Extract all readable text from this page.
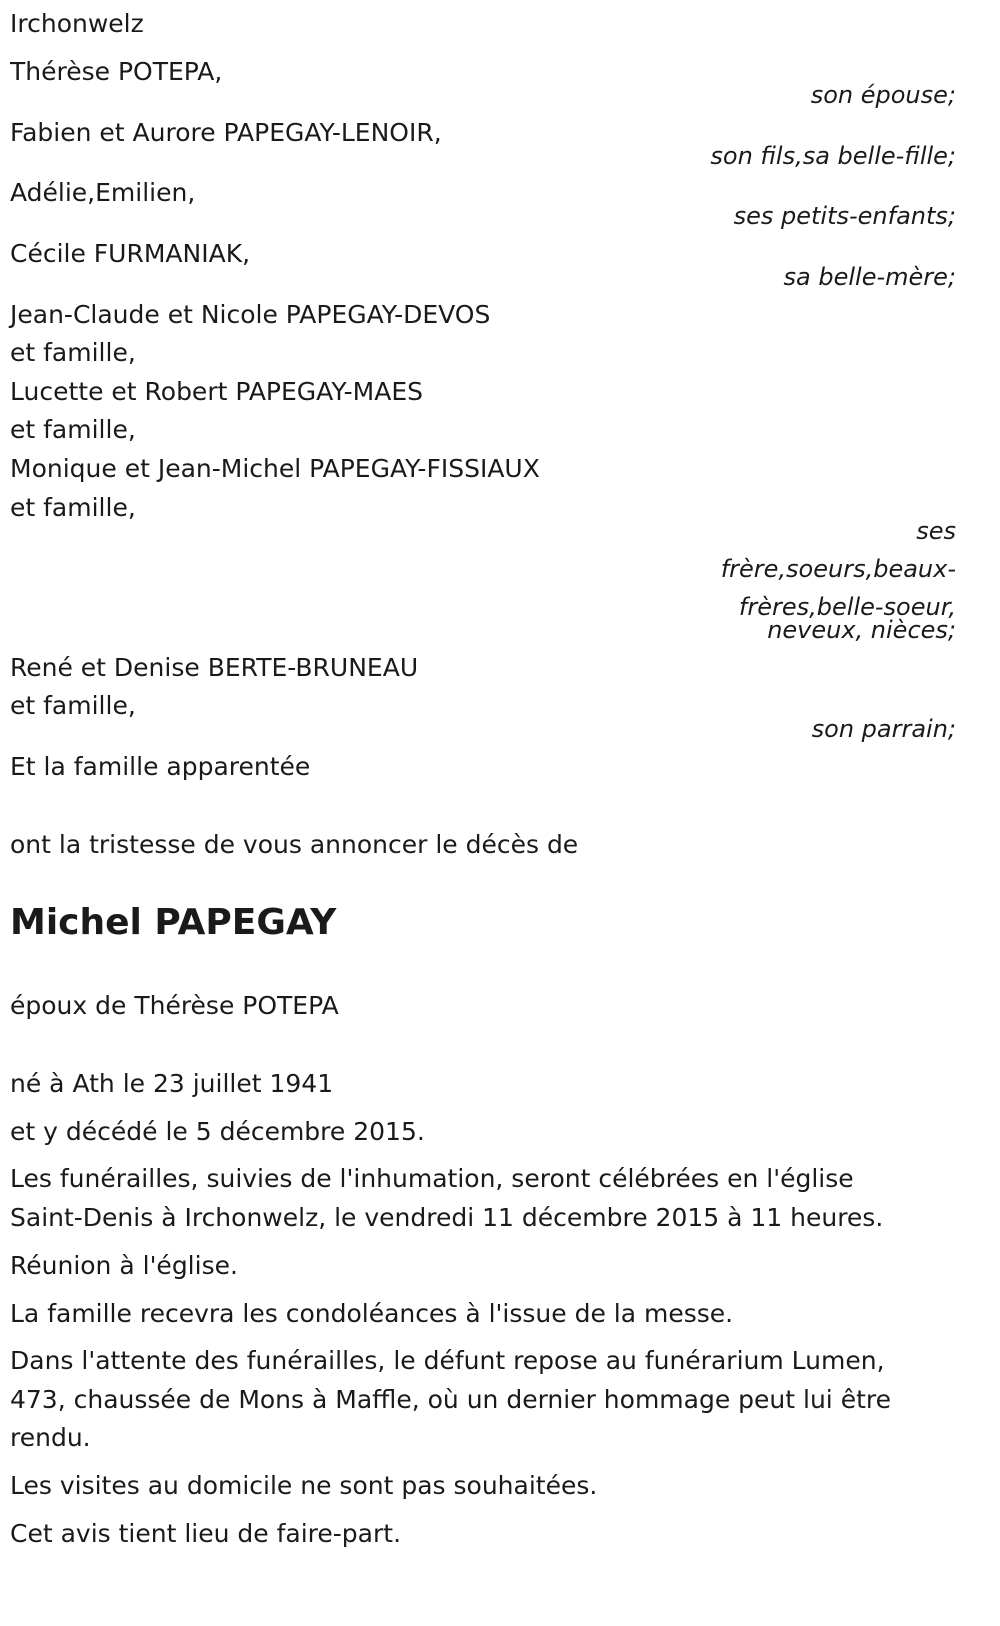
Irchonwelz
Thérèse POTEPA,
son épouse;
Fabien et Aurore PAPEGAY-LENOIR,
son fils,sa belle-fille;
Adélie,Emilien,
ses petits-enfants;
Cécile FURMANIAK,
sa belle-mère;
Jean-Claude et Nicole PAPEGAY-DEVOS
et famille,
Lucette et Robert PAPEGAY-MAES
et famille,
Monique et Jean-Michel PAPEGAY-FISSIAUX
et famille,
ses
frère,soeurs,beaux-
frères,belle-soeur,
neveux, nièces;
René et Denise BERTE-BRUNEAU
et famille,
son parrain;
Et la famille apparentée
ont la tristesse de vous annoncer le décès de
Michel PAPEGAY
époux de Thérèse POTEPA
né à Ath le 23 juillet 1941
et y décédé le 5 décembre 2015.
Les funérailles, suivies de l'inhumation, seront célébrées en l'église
Saint-Denis à Irchonwelz, le vendredi 11 décembre 2015 à 11 heures.
Réunion à l'église.
La famille recevra les condoléances à l'issue de la messe.
Dans l'attente des funérailles, le défunt repose au funérarium Lumen,
473, chaussée de Mons à Maffle, où un dernier hommage peut lui être
rendu.
Les visites au domicile ne sont pas souhaitées.
Cet avis tient lieu de faire-part.
